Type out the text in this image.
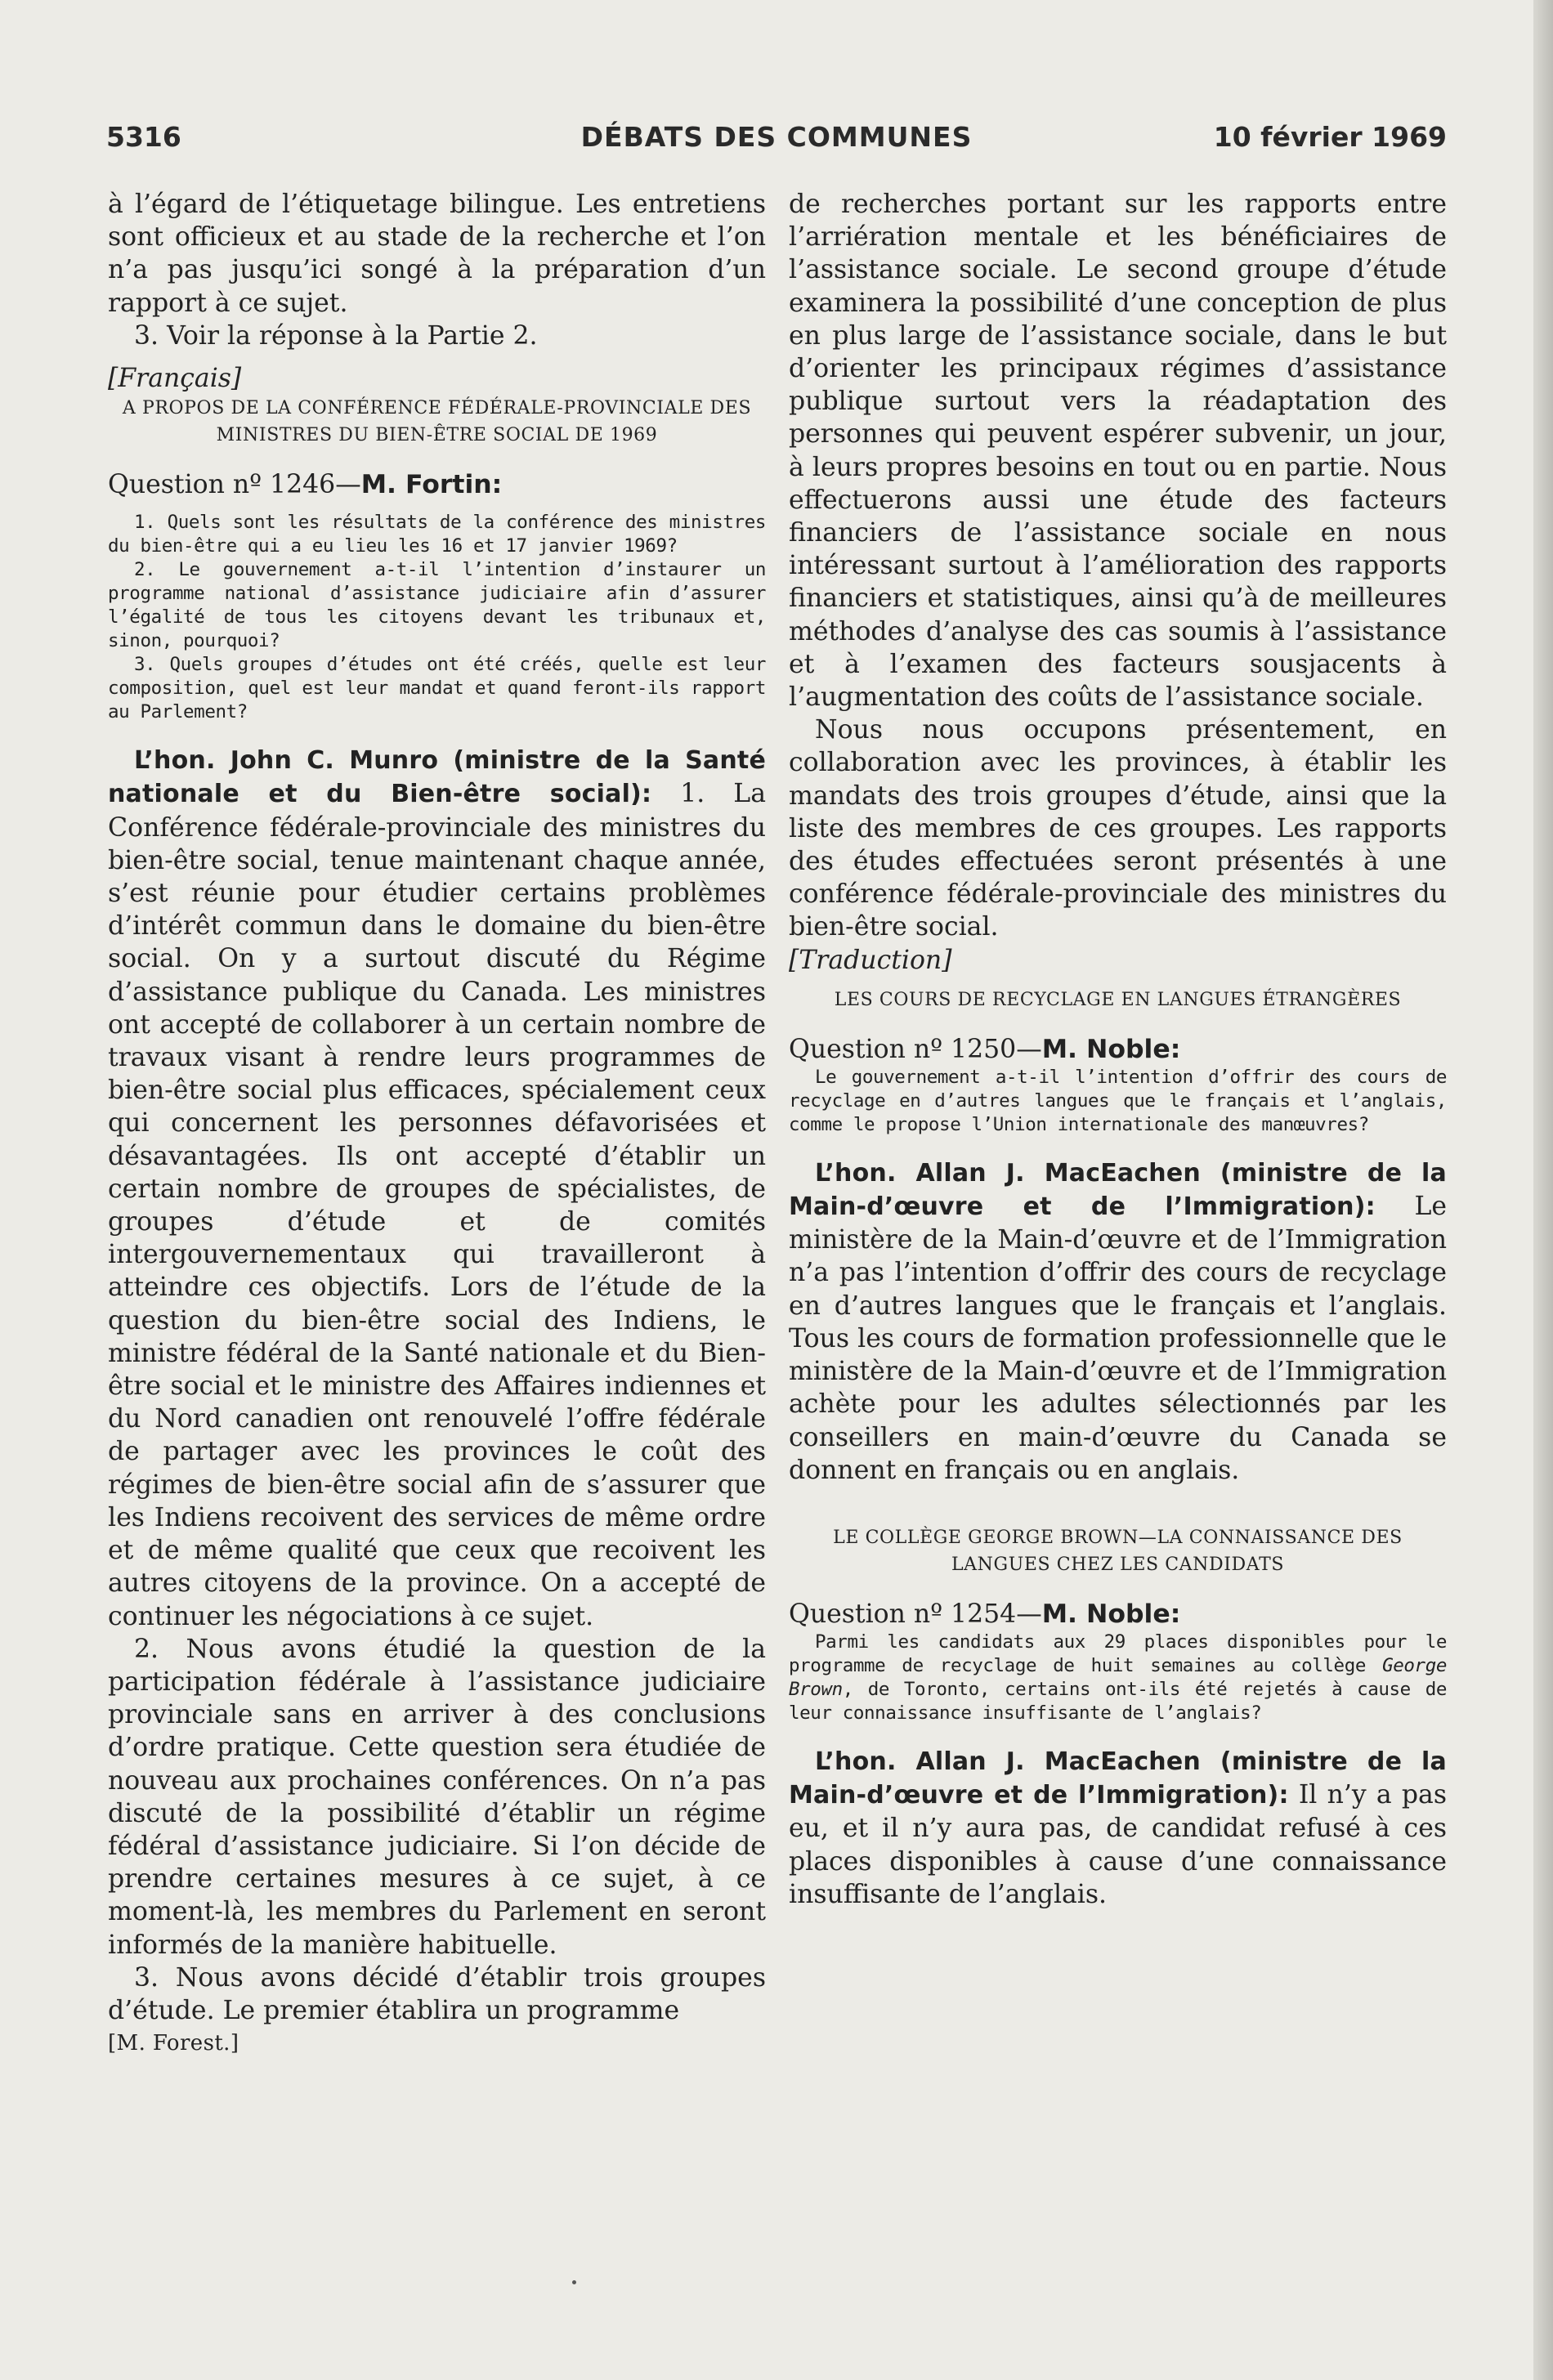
5316	DÉBATS DES COMMUNES	10 février 1969

à l’égard de l’étiquetage bilingue. Les entretiens sont officieux et au stade de la recherche et l’on n’a pas jusqu’ici songé à la préparation d’un rapport à ce sujet.

3. Voir la réponse à la Partie 2.

[Français]

A PROPOS DE LA CONFÉRENCE FÉDÉRALE-PROVINCIALE DES MINISTRES DU BIEN-ÊTRE SOCIAL DE 1969

Question nº 1246—M. Fortin:

1. Quels sont les résultats de la conférence des ministres du bien-être qui a eu lieu les 16 et 17 janvier 1969?

2. Le gouvernement a-t-il l’intention d’instaurer un programme national d’assistance judiciaire afin d’assurer l’égalité de tous les citoyens devant les tribunaux et, sinon, pourquoi?

3. Quels groupes d’études ont été créés, quelle est leur composition, quel est leur mandat et quand feront-ils rapport au Parlement?

L’hon. John C. Munro (ministre de la Santé nationale et du Bien-être social): 1. La Conférence fédérale-provinciale des ministres du bien-être social, tenue maintenant chaque année, s’est réunie pour étudier certains problèmes d’intérêt commun dans le domaine du bien-être social. On y a surtout discuté du Régime d’assistance publique du Canada. Les ministres ont accepté de collaborer à un certain nombre de travaux visant à rendre leurs programmes de bien-être social plus efficaces, spécialement ceux qui concernent les personnes défavorisées et désavantagées. Ils ont accepté d’établir un certain nombre de groupes de spécialistes, de groupes d’étude et de comités intergouvernementaux qui travailleront à atteindre ces objectifs. Lors de l’étude de la question du bien-être social des Indiens, le ministre fédéral de la Santé nationale et du Bien-être social et le ministre des Affaires indiennes et du Nord canadien ont renouvelé l’offre fédérale de partager avec les provinces le coût des régimes de bien-être social afin de s’assurer que les Indiens recoivent des services de même ordre et de même qualité que ceux que recoivent les autres citoyens de la province. On a accepté de continuer les négociations à ce sujet.

2. Nous avons étudié la question de la participation fédérale à l’assistance judiciaire provinciale sans en arriver à des conclusions d’ordre pratique. Cette question sera étudiée de nouveau aux prochaines conférences. On n’a pas discuté de la possibilité d’établir un régime fédéral d’assistance judiciaire. Si l’on décide de prendre certaines mesures à ce sujet, à ce moment-là, les membres du Parlement en seront informés de la manière habituelle.

3. Nous avons décidé d’établir trois groupes d’étude. Le premier établira un programme

[M. Forest.]

de recherches portant sur les rapports entre l’arriération mentale et les bénéficiaires de l’assistance sociale. Le second groupe d’étude examinera la possibilité d’une conception de plus en plus large de l’assistance sociale, dans le but d’orienter les principaux régimes d’assistance publique surtout vers la réadaptation des personnes qui peuvent espérer subvenir, un jour, à leurs propres besoins en tout ou en partie. Nous effectuerons aussi une étude des facteurs financiers de l’assistance sociale en nous intéressant surtout à l’amélioration des rapports financiers et statistiques, ainsi qu’à de meilleures méthodes d’analyse des cas soumis à l’assistance et à l’examen des facteurs sousjacents à l’augmentation des coûts de l’assistance sociale.

Nous nous occupons présentement, en collaboration avec les provinces, à établir les mandats des trois groupes d’étude, ainsi que la liste des membres de ces groupes. Les rapports des études effectuées seront présentés à une conférence fédérale-provinciale des ministres du bien-être social.

[Traduction]

LES COURS DE RECYCLAGE EN LANGUES ÉTRANGÈRES

Question nº 1250—M. Noble:

Le gouvernement a-t-il l’intention d’offrir des cours de recyclage en d’autres langues que le français et l’anglais, comme le propose l’Union internationale des manœuvres?

L’hon. Allan J. MacEachen (ministre de la Main-d’œuvre et de l’Immigration): Le ministère de la Main-d’œuvre et de l’Immigration n’a pas l’intention d’offrir des cours de recyclage en d’autres langues que le français et l’anglais. Tous les cours de formation professionnelle que le ministère de la Main-d’œuvre et de l’Immigration achète pour les adultes sélectionnés par les conseillers en main-d’œuvre du Canada se donnent en français ou en anglais.

LE COLLÈGE GEORGE BROWN—LA CONNAISSANCE DES LANGUES CHEZ LES CANDIDATS

Question nº 1254—M. Noble:

Parmi les candidats aux 29 places disponibles pour le programme de recyclage de huit semaines au collège George Brown, de Toronto, certains ont-ils été rejetés à cause de leur connaissance insuffisante de l’anglais?

L’hon. Allan J. MacEachen (ministre de la Main-d’œuvre et de l’Immigration): Il n’y a pas eu, et il n’y aura pas, de candidat refusé à ces places disponibles à cause d’une connaissance insuffisante de l’anglais.
